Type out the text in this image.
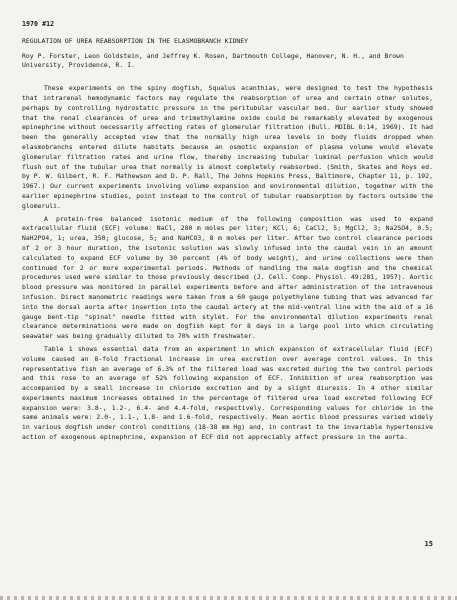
1970 #12
REGULATION OF UREA REABSORPTION IN THE ELASMOBRANCH KIDNEY
Roy P. Forster, Leon Goldstein, and Jeffrey K. Rosen, Dartmouth College, Hanover, N. H., and Brown University, Providence, R. I.

These experiments on the spiny dogfish, Squalus acanthias, were designed to test the hypothesis that intrarenal hemodynamic factors may regulate the reabsorption of urea and certain other solutes, perhaps by controlling hydrostatic pressure in the peritubular vascular bed. Our earlier study showed that the renal clearances of urea and trimethylamine oxide could be remarkably elevated by exogenous epinephrine without necessarily affecting rates of glomerular filtration (Bull. MDIBL 8:14, 1969). It had been the generally accepted view that the normally high urea levels in body fluids dropped when elasmobranchs entered dilute habitats because an osmotic expansion of plasma volume would elevate glomerular filtration rates and urine flow, thereby increasing tubular luminal perfusion which would flush out of the tubular urea that normally is almost completely reabsorbed. (Smith, Skates and Roys ed. by P. W. Gilbert, R. F. Mathewson and D. P. Rall, The Johns Hopkins Press, Baltimore, Chapter 11, p. 192, 1967.) Our current experiments involving volume expansion and environmental dilution, together with the earlier epinephrine studies, point instead to the control of tubular reabsorption by factors outside the glomeruli.

A protein-free balanced isotonic medium of the following composition was used to expand extracellular fluid (ECF) volume: NaCl, 280 m moles per liter; KCl, 6; CaCl2, 5; MgCl2, 3; Na2SO4, 0.5; NaH2PO4, 1; urea, 350; glucose, 5; and NaHCO3, 8 m moles per liter. After two control clearance periods of 2 or 3 hour duration, the isotonic solution was slowly infused into the caudal vein in an amount calculated to expand ECF volume by 30 percent (4% of body weight), and urine collections were then continued for 2 or more experimental periods. Methods of handling the male dogfish and the chemical procedures used were similar to those previously described (J. Cell. Comp. Physiol. 49:281, 1957). Aortic blood pressure was monitored in parallel experiments before and after administration of the intravenous infusion. Direct manometric readings were taken from a 60 gauge polyethylene tubing that was advanced far into the dorsal aorta after insertion into the caudal artery at the mid-ventral line with the aid of a 16 gauge bent-tip "spinal" needle fitted with stylet. For the environmental dilution experiments renal clearance determinations were made on dogfish kept for 8 days in a large pool into which circulating seawater was being gradually diluted to 70% with freshwater.

Table 1 shows essential data from an experiment in which expansion of extracellular fluid (ECF) volume caused an 8-fold fractional increase in urea excretion over average control values. In this representative fish an average of 6.3% of the filtered load was excreted during the two control periods and this rose to an average of 52% following expansion of ECF. Inhibition of urea reabsorption was accompanied by a small increase in chloride excretion and by a slight diuresis. In 4 other similar experiments maximum increases obtained in the percentage of filtered urea load excreted following ECF expansion were: 3.8-, 1.2-, 6.4- and 4.4-fold, respectively. Corresponding values for chloride in the same animals were: 2.0-, 1.1-, 1.8- and 1.6-fold, respectively. Mean aortic blood pressures varied widely in various dogfish under control conditions (18-38 mm Hg) and, in contrast to the invariable hypertensive action of exogenous epinephrine, expansion of ECF did not appreciably affect pressure in the aorta.

15
